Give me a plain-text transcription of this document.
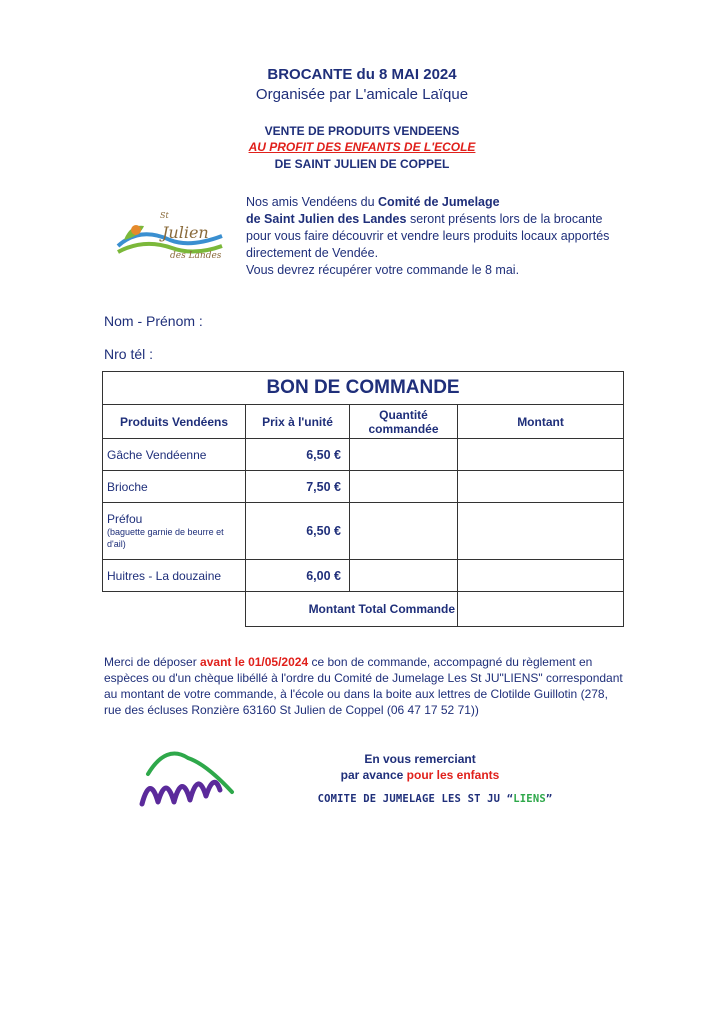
BROCANTE du 8 MAI 2024
Organisée par L'amicale Laïque
VENTE DE PRODUITS VENDEENS
AU PROFIT DES ENFANTS DE L'ECOLE
DE SAINT JULIEN DE COPPEL
St
Julien
des Landes
Nos amis Vendéens du Comité de Jumelage
de Saint Julien des Landes seront présents lors de la brocante pour vous faire découvrir et vendre leurs produits locaux apportés directement de Vendée.
Vous devrez récupérer votre commande le 8 mai.
Nom - Prénom :
Nro tél :
BON DE COMMANDE			
Produits Vendéens	Prix à l'unité	Quantité commandée	Montant
Gâche Vendéenne	6,50 €		
Brioche	7,50 €		
Préfou
(baguette garnie de beurre et d'ail)	6,50 €		
Huitres - La douzaine	6,00 €		
	Montant Total Commande		
Merci de déposer avant le 01/05/2024 ce bon de commande, accompagné du règlement en espèces ou d'un chèque libéllé à l'ordre du Comité de Jumelage Les St JU"LIENS" correspondant au montant de votre commande, à l'école ou dans la boite aux lettres de Clotilde Guillotin (278, rue des écluses Ronzière 63160 St Julien de Coppel (06 47 17 52 71))
En vous remerciant
par avance pour les enfants
COMITE DE JUMELAGE LES ST JU “LIENS”
